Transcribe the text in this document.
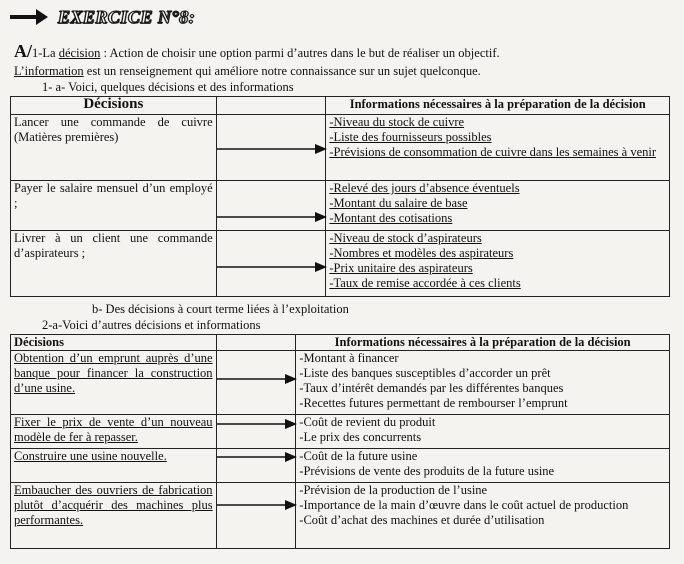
EXERCICE N°8:
A/1-La décision : Action de choisir une option parmi d’autres dans le but de réaliser un objectif.
L’information est un renseignement qui améliore notre connaissance sur un sujet quelconque.
1- a- Voici, quelques décisions et des informations
Décisions		Informations nécessaires à la préparation de la décision
Lancer une commande de cuivre (Matières premières)		-Niveau du stock de cuivre
-Liste des fournisseurs possibles
-Prévisions de consommation de cuivre dans les semaines à venir

Payer le salaire mensuel d’un employé ;		-Relevé des jours d’absence éventuels
-Montant du salaire de base
-Montant des cotisations

Livrer à un client une commande d’aspirateurs ;		-Niveau de stock d’aspirateurs
-Nombres et modèles des aspirateurs
-Prix unitaire des aspirateurs
-Taux de remise accordée à ces clients
b- Des décisions à court terme liées à l’exploitation
2-a-Voici d’autres décisions et informations
Décisions		Informations nécessaires à la préparation de la décision
Obtention d’un emprunt auprès d’une banque pour financer la construction d’une usine.		-Montant à financer
-Liste des banques susceptibles d’accorder un prêt
-Taux d’intérêt demandés par les différentes banques
-Recettes futures permettant de rembourser l’emprunt

Fixer le prix de vente d’un nouveau modèle de fer à repasser.		-Coût de revient du produit
-Le prix des concurrents

Construire une usine nouvelle.		-Coût de la future usine
-Prévisions de vente des produits de la future usine

Embaucher des ouvriers de fabrication plutôt d’acquérir des machines plus performantes.		-Prévision de la production de l’usine
-Importance de la main d’œuvre dans le coût actuel de production
-Coût d’achat des machines et durée d’utilisation
